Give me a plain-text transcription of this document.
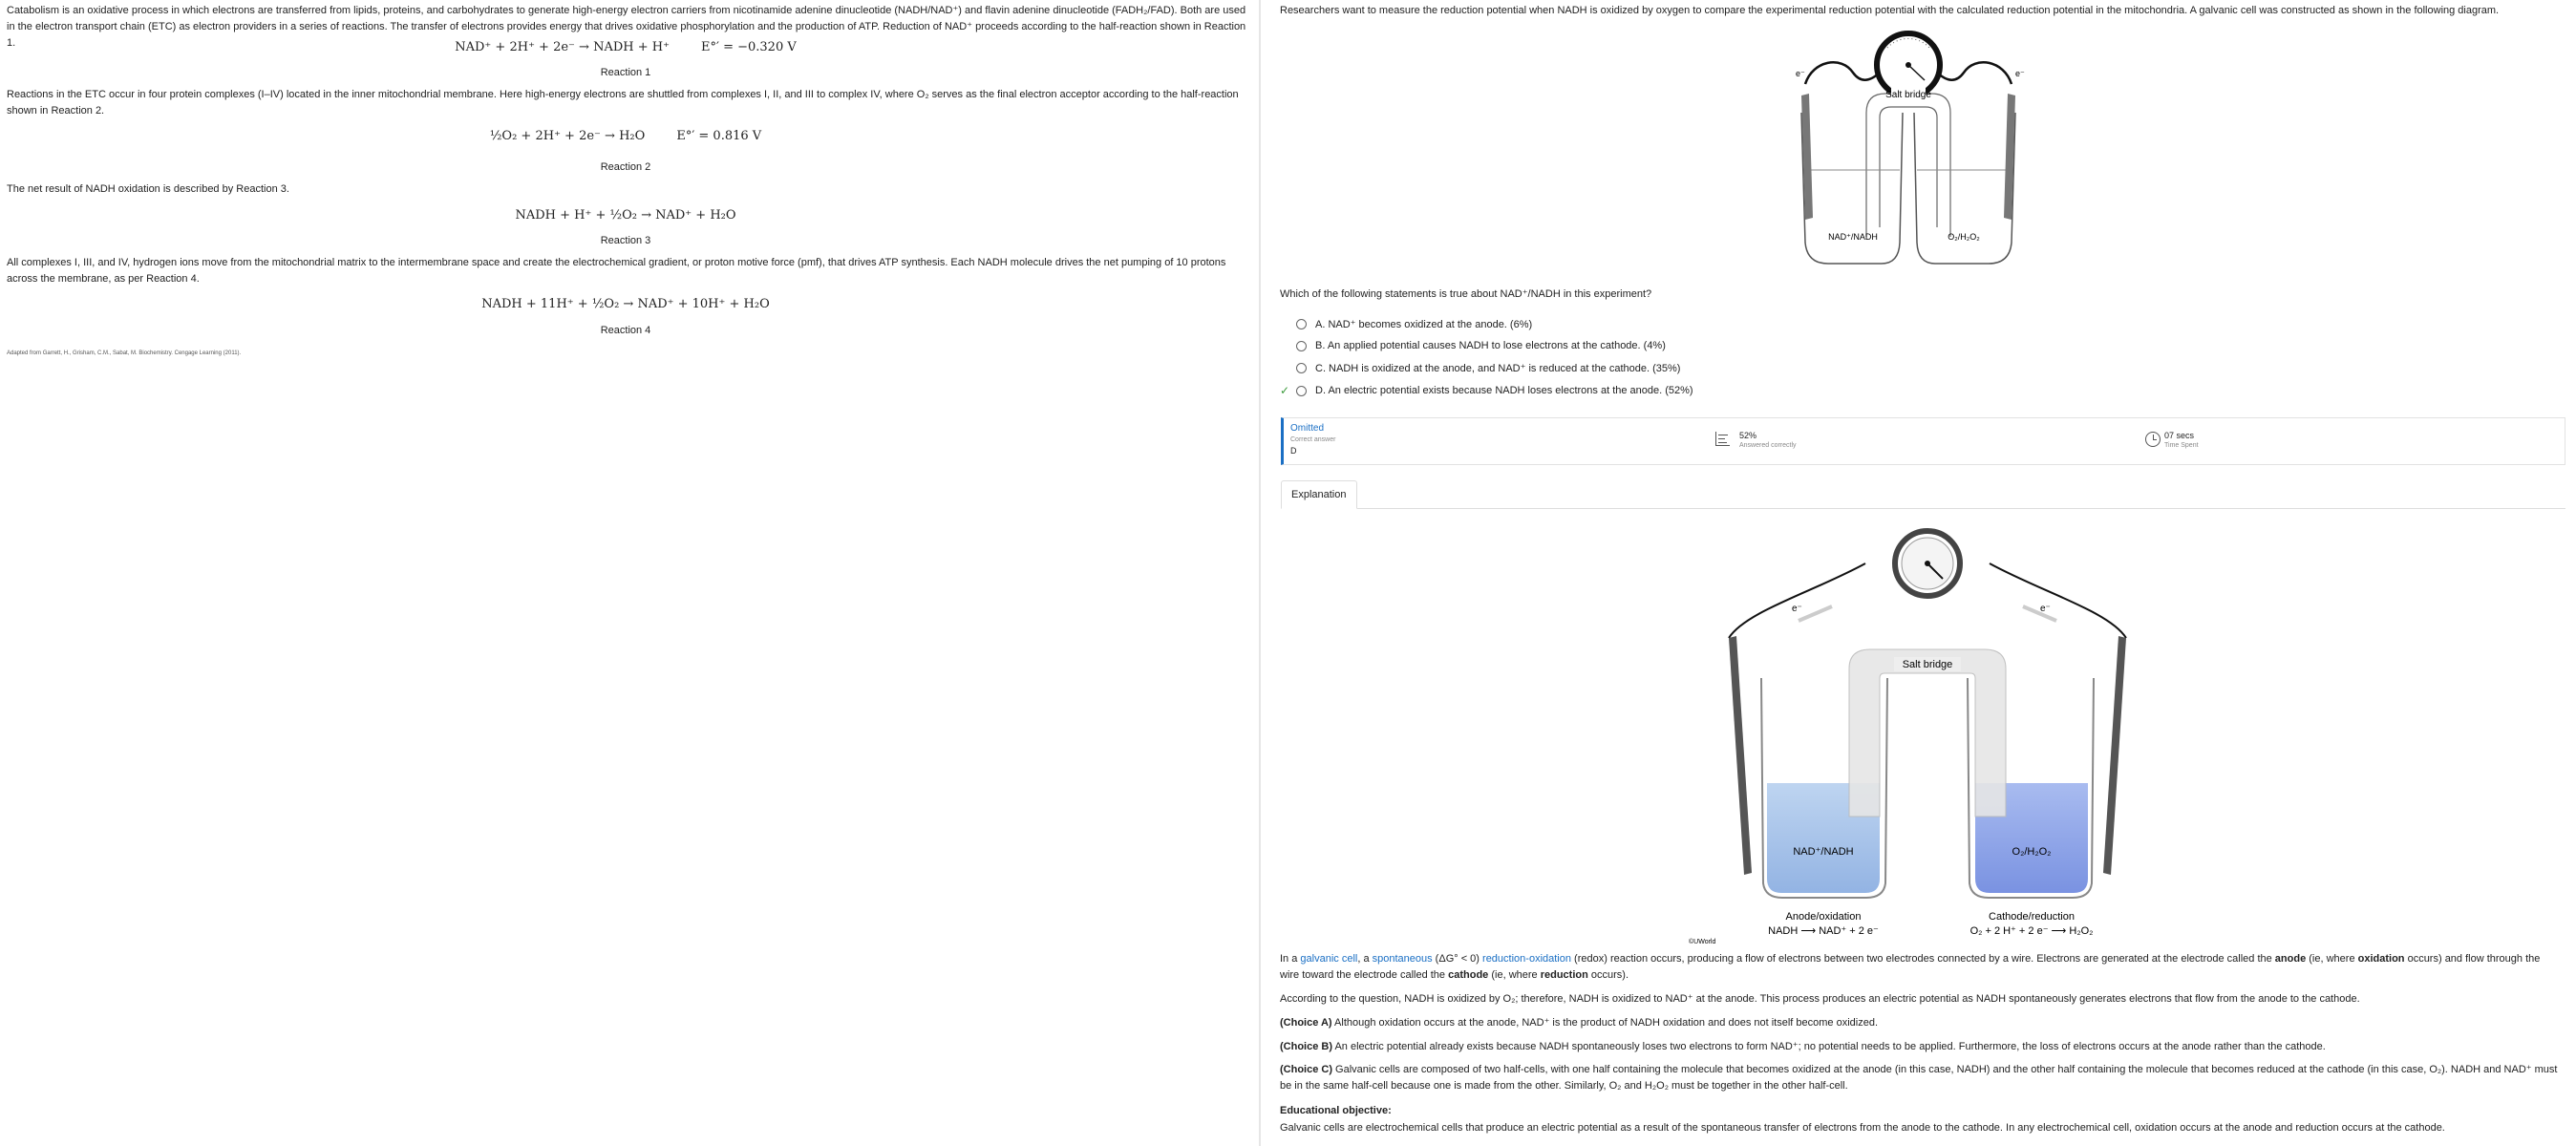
Catabolism is an oxidative process in which electrons are transferred from lipids, proteins, and carbohydrates to generate high-energy electron carriers from nicotinamide adenine dinucleotide (NADH/NAD⁺) and flavin adenine dinucleotide (FADH₂/FAD). Both are used in the electron transport chain (ETC) as electron providers in a series of reactions. The transfer of electrons provides energy that drives oxidative phosphorylation and the production of ATP. Reduction of NAD⁺ proceeds according to the half-reaction shown in Reaction 1.	NAD⁺ + 2H⁺ + 2e⁻ → NADH + H⁺        E°′ = −0.320 V
Reaction 1

Reactions in the ETC occur in four protein complexes (I–IV) located in the inner mitochondrial membrane. Here high-energy electrons are shuttled from complexes I, II, and III to complex IV, where O₂ serves as the final electron acceptor according to the half-reaction shown in Reaction 2.

½O₂ + 2H⁺ + 2e⁻ → H₂O        E°′ = 0.816 V
Reaction 2

The net result of NADH oxidation is described by Reaction 3.

NADH + H⁺ + ½O₂ → NAD⁺ + H₂O
Reaction 3

All complexes I, III, and IV, hydrogen ions move from the mitochondrial matrix to the intermembrane space and create the electrochemical gradient, or proton motive force (pmf), that drives ATP synthesis. Each NADH molecule drives the net pumping of 10 protons across the membrane, as per Reaction 4.

NADH + 11H⁺ + ½O₂ → NAD⁺ + 10H⁺ + H₂O
Reaction 4
Adapted from Garrett, H., Grisham, C.M., Sabat, M. Biochemistry. Cengage Learning (2011).

Researchers want to measure the reduction potential when NADH is oxidized by oxygen to compare the experimental reduction potential with the calculated reduction potential in the mitochondria. A galvanic cell was constructed as shown in the following diagram.

e⁻	e⁻
Salt bridge
NAD⁺/NADH	O₂/H₂O₂

Which of the following statements is true about NAD⁺/NADH in this experiment?

A. NAD⁺ becomes oxidized at the anode. (6%)
B. An applied potential causes NADH to lose electrons at the cathode. (4%)
C. NADH is oxidized at the anode, and NAD⁺ is reduced at the cathode. (35%)
✓ D. An electric potential exists because NADH loses electrons at the anode. (52%)
Omitted
Correct answer
D
52%
Answered correctly
07 secs
Time Spent
Explanation
e⁻	e⁻
Salt bridge
NAD⁺/NADH	O₂/H₂O₂
Anode/oxidation
NADH ⟶ NAD⁺ + 2 e⁻
Cathode/reduction
O₂ + 2 H⁺ + 2 e⁻ ⟶ H₂O₂
©UWorld

In a galvanic cell, a spontaneous (ΔG° < 0) reduction-oxidation (redox) reaction occurs, producing a flow of electrons between two electrodes connected by a wire. Electrons are generated at the electrode called the anode (ie, where oxidation occurs) and flow through the wire toward the electrode called the cathode (ie, where reduction occurs).

According to the question, NADH is oxidized by O₂; therefore, NADH is oxidized to NAD⁺ at the anode. This process produces an electric potential as NADH spontaneously generates electrons that flow from the anode to the cathode.

(Choice A) Although oxidation occurs at the anode, NAD⁺ is the product of NADH oxidation and does not itself become oxidized.

(Choice B) An electric potential already exists because NADH spontaneously loses two electrons to form NAD⁺; no potential needs to be applied. Furthermore, the loss of electrons occurs at the anode rather than the cathode.

(Choice C) Galvanic cells are composed of two half-cells, with one half containing the molecule that becomes oxidized at the anode (in this case, NADH) and the other half containing the molecule that becomes reduced at the cathode (in this case, O₂). NADH and NAD⁺ must be in the same half-cell because one is made from the other. Similarly, O₂ and H₂O₂ must be together in the other half-cell.

Educational objective:

Galvanic cells are electrochemical cells that produce an electric potential as a result of the spontaneous transfer of electrons from the anode to the cathode. In any electrochemical cell, oxidation occurs at the anode and reduction occurs at the cathode.
